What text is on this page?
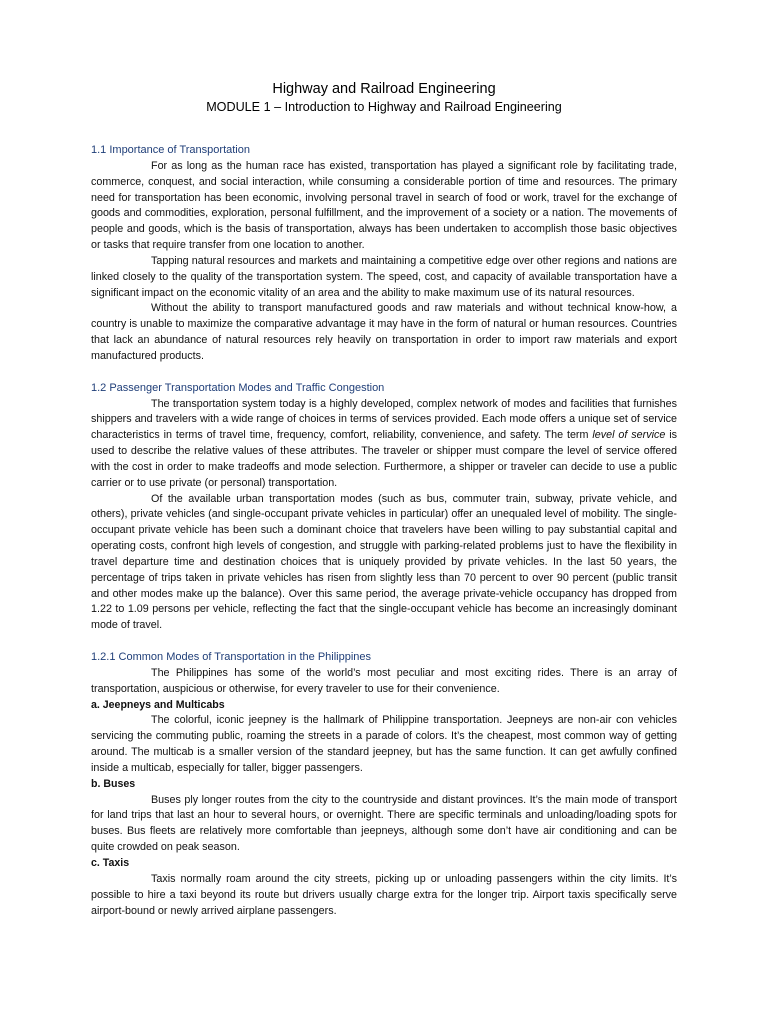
Highway and Railroad Engineering
MODULE 1 – Introduction to Highway and Railroad Engineering
1.1 Importance of Transportation

For as long as the human race has existed, transportation has played a significant role by facilitating trade, commerce, conquest, and social interaction, while consuming a considerable portion of time and resources. The primary need for transportation has been economic, involving personal travel in search of food or work, travel for the exchange of goods and commodities, exploration, personal fulfillment, and the improvement of a society or a nation. The movements of people and goods, which is the basis of transportation, always has been undertaken to accomplish those basic objectives or tasks that require transfer from one location to another.

Tapping natural resources and markets and maintaining a competitive edge over other regions and nations are linked closely to the quality of the transportation system. The speed, cost, and capacity of available transportation have a significant impact on the economic vitality of an area and the ability to make maximum use of its natural resources.

Without the ability to transport manufactured goods and raw materials and without technical know-how, a country is unable to maximize the comparative advantage it may have in the form of natural or human resources. Countries that lack an abundance of natural resources rely heavily on transportation in order to import raw materials and export manufactured products.

1.2 Passenger Transportation Modes and Traffic Congestion

The transportation system today is a highly developed, complex network of modes and facilities that furnishes shippers and travelers with a wide range of choices in terms of services provided. Each mode offers a unique set of service characteristics in terms of travel time, frequency, comfort, reliability, convenience, and safety. The term level of service is used to describe the relative values of these attributes. The traveler or shipper must compare the level of service offered with the cost in order to make tradeoffs and mode selection. Furthermore, a shipper or traveler can decide to use a public carrier or to use private (or personal) transportation.

Of the available urban transportation modes (such as bus, commuter train, subway, private vehicle, and others), private vehicles (and single-occupant private vehicles in particular) offer an unequaled level of mobility. The single-occupant private vehicle has been such a dominant choice that travelers have been willing to pay substantial capital and operating costs, confront high levels of congestion, and struggle with parking-related problems just to have the flexibility in travel departure time and destination choices that is uniquely provided by private vehicles. In the last 50 years, the percentage of trips taken in private vehicles has risen from slightly less than 70 percent to over 90 percent (public transit and other modes make up the balance). Over this same period, the average private-vehicle occupancy has dropped from 1.22 to 1.09 persons per vehicle, reflecting the fact that the single-occupant vehicle has become an increasingly dominant mode of travel.

1.2.1 Common Modes of Transportation in the Philippines

The Philippines has some of the world’s most peculiar and most exciting rides. There is an array of transportation, auspicious or otherwise, for every traveler to use for their convenience.

a. Jeepneys and Multicabs

The colorful, iconic jeepney is the hallmark of Philippine transportation. Jeepneys are non-air con vehicles servicing the commuting public, roaming the streets in a parade of colors. It’s the cheapest, most common way of getting around. The multicab is a smaller version of the standard jeepney, but has the same function. It can get awfully confined inside a multicab, especially for taller, bigger passengers.

b. Buses

Buses ply longer routes from the city to the countryside and distant provinces. It’s the main mode of transport for land trips that last an hour to several hours, or overnight. There are specific terminals and unloading/loading spots for buses. Bus fleets are relatively more comfortable than jeepneys, although some don’t have air conditioning and can be quite crowded on peak season.

c. Taxis

Taxis normally roam around the city streets, picking up or unloading passengers within the city limits. It’s possible to hire a taxi beyond its route but drivers usually charge extra for the longer trip. Airport taxis specifically serve airport-bound or newly arrived airplane passengers.
